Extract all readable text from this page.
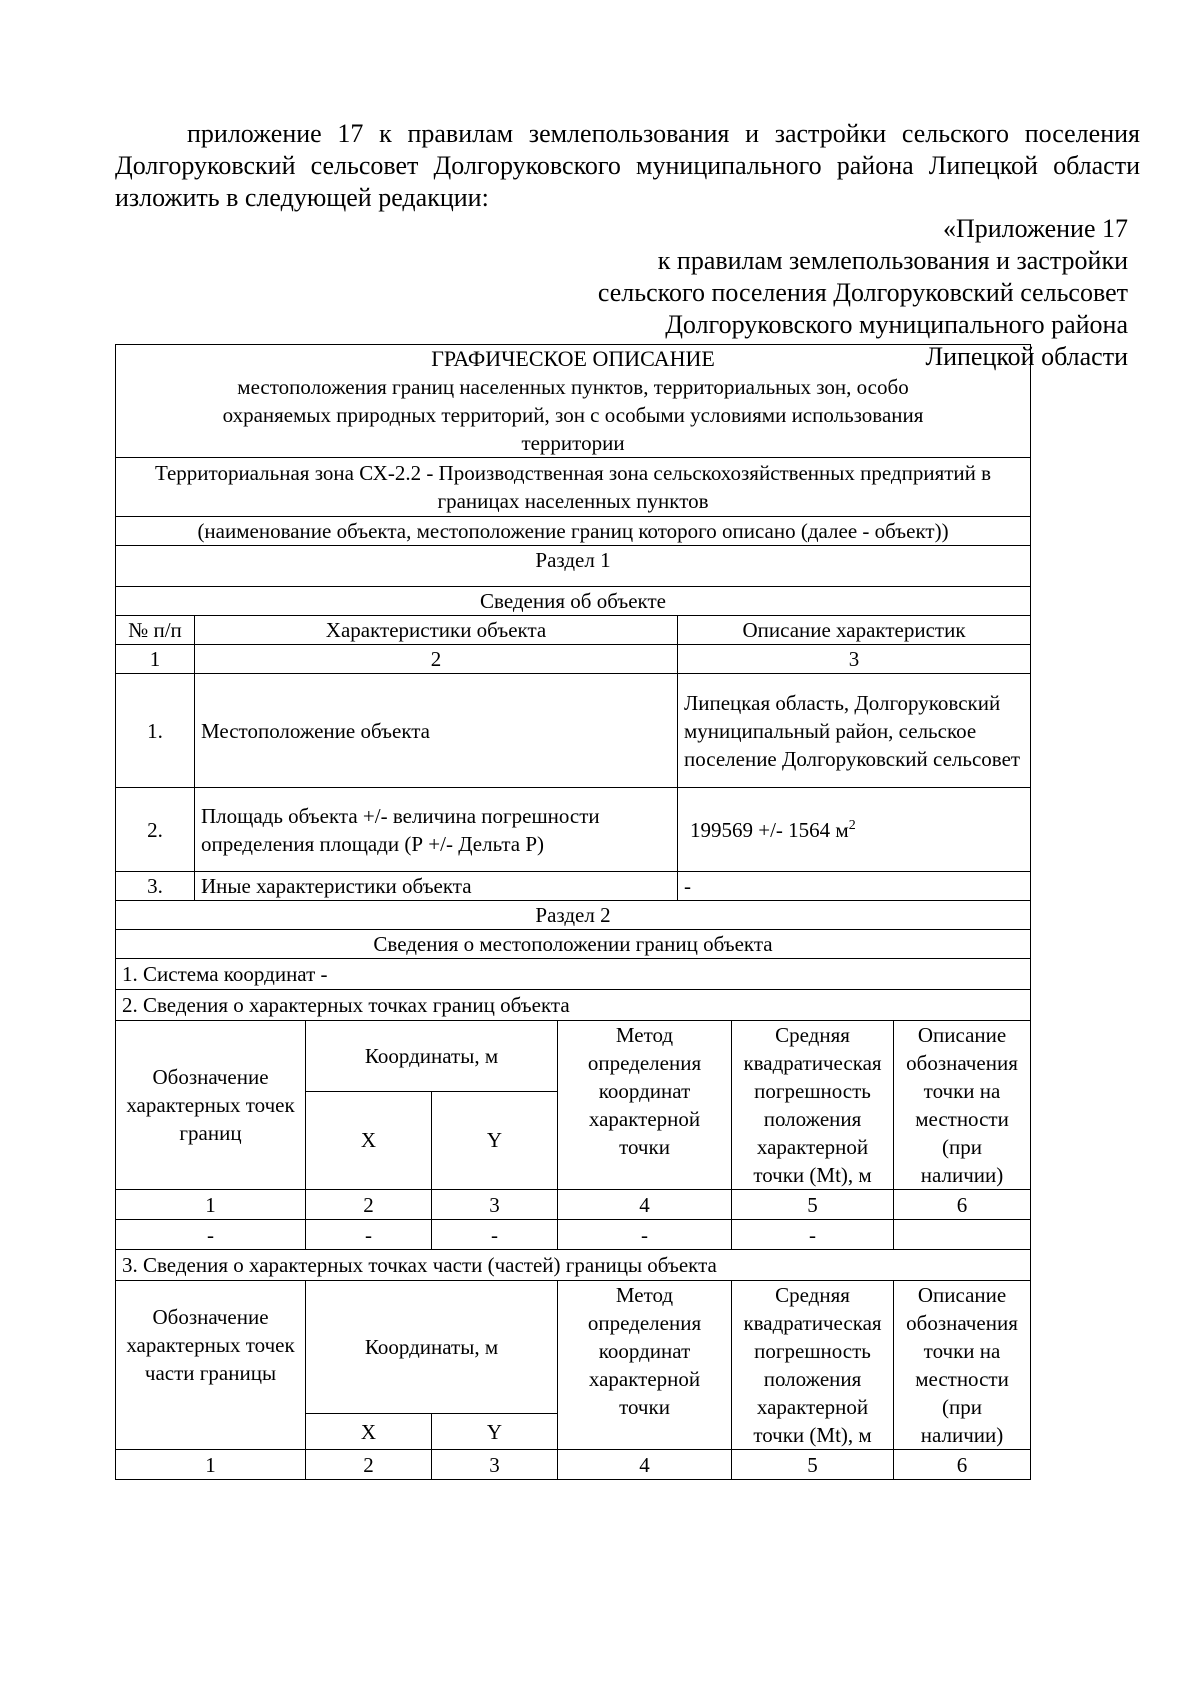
приложение 17 к правилам землепользования и застройки сельского поселения Долгоруковский сельсовет Долгоруковского муниципального района Липецкой области изложить в следующей редакции:

«Приложение 17
к правилам землепользования и застройки
сельского поселения Долгоруковский сельсовет
Долгоруковского муниципального района
Липецкой области
ГРАФИЧЕСКОЕ ОПИСАНИЕ
местоположения границ населенных пунктов, территориальных зон, особо охраняемых природных территорий, зон с особыми условиями использования территории		

Территориальная зона СХ-2.2 - Производственная зона сельскохозяйственных предприятий в границах населенных пунктов		
(наименование объекта, местоположение границ которого описано (далее - объект))		
Раздел 1		
Сведения об объекте		
№ п/п	Характеристики объекта	Описание характеристик
1	2	3
1.	Местоположение объекта	Липецкая область, Долгоруковский муниципальный район, сельское поселение Долгоруковский сельсовет
2.	Площадь объекта +/- величина погрешности определения площади (Р +/- Дельта Р)	199569 +/- 1564 $м^2$
3.	Иные характеристики объекта	-
Раздел 2		
Сведения о местоположении границ объекта		
1. Система координат -		
2. Сведения о характерных точках границ объекта		
Обозначение характерных точек границ	Координаты, м		Метод определения координат характерной точки	Средняя квадратическая погрешность положения характерной точки (Mt), м	Описание обозначения точки на местности (при наличии)
	X	Y			
1	2	3	4	5	6
-	-	-	-	-	
3. Сведения о характерных точках части (частей) границы объекта					
Обозначение характерных точек части границы	Координаты, м		Метод определения координат характерной точки	Средняя квадратическая погрешность положения характерной точки (Mt), м	Описание обозначения точки на местности (при наличии)
	X	Y			
1	2	3	4	5	6
